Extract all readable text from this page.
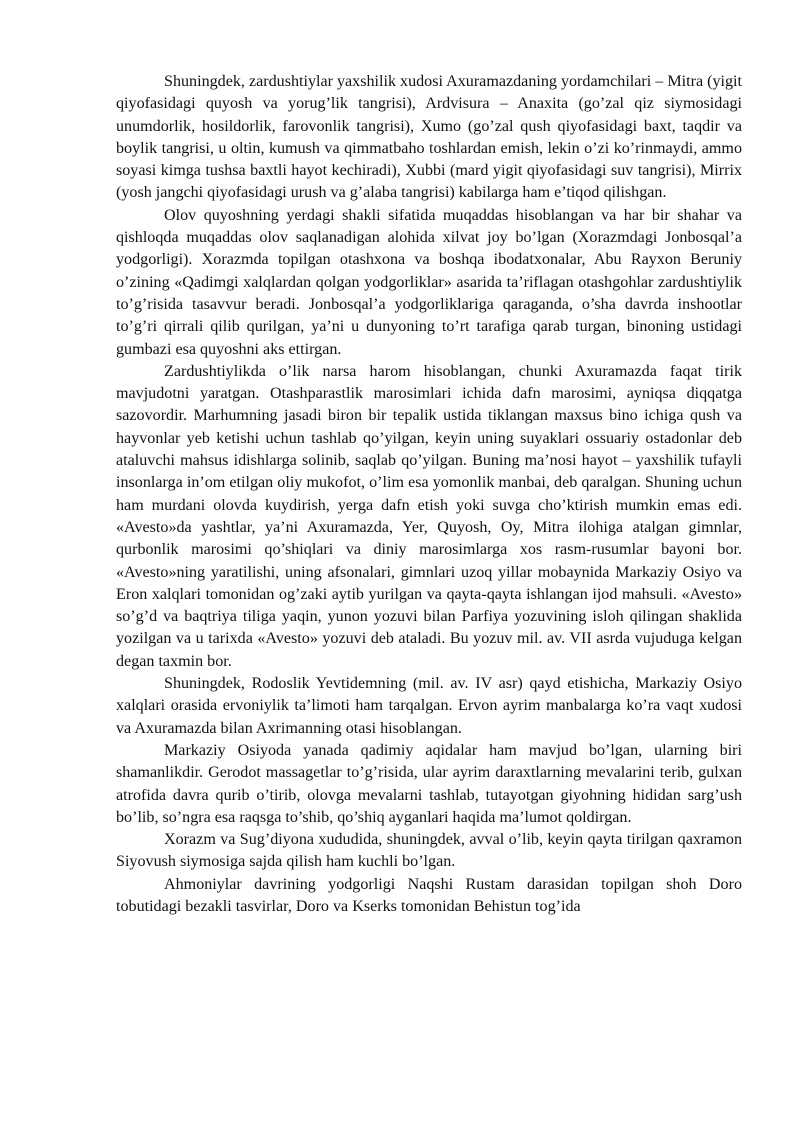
Shuningdek, zardushtiylar yaxshilik xudosi Axuramazdaning yordamchilari – Mitra (yigit qiyofasidagi quyosh va yorug’lik tangrisi), Ardvisura – Anaxita (go’zal qiz siymosidagi unumdorlik, hosildorlik, farovonlik tangrisi), Xumo (go’zal qush qiyofasidagi baxt, taqdir va boylik tangrisi, u oltin, kumush va qimmatbaho toshlardan emish, lekin o’zi ko’rinmaydi, ammo soyasi kimga tushsa baxtli hayot kechiradi), Xubbi (mard yigit qiyofasidagi suv tangrisi), Mirrix (yosh jangchi qiyofasidagi urush va g’alaba tangrisi) kabilarga ham e’tiqod qilishgan.

Olov quyoshning yerdagi shakli sifatida muqaddas hisoblangan va har bir shahar va qishloqda muqaddas olov saqlanadigan alohida xilvat joy bo’lgan (Xorazmdagi Jonbosqal’a yodgorligi). Xorazmda topilgan otashxona va boshqa ibodatxonalar, Abu Rayxon Beruniy o’zining «Qadimgi xalqlardan qolgan yodgorliklar» asarida ta’riflagan otashgohlar zardushtiylik to’g’risida tasavvur beradi. Jonbosqal’a yodgorliklariga qaraganda, o’sha davrda inshootlar to’g’ri qirrali qilib qurilgan, ya’ni u dunyoning to’rt tarafiga qarab turgan, binoning ustidagi gumbazi esa quyoshni aks ettirgan.

Zardushtiylikda o’lik narsa harom hisoblangan, chunki Axuramazda faqat tirik mavjudotni yaratgan. Otashparastlik marosimlari ichida dafn marosimi, ayniqsa diqqatga sazovordir. Marhumning jasadi biron bir tepalik ustida tiklangan maxsus bino ichiga qush va hayvonlar yeb ketishi uchun tashlab qo’yilgan, keyin uning suyaklari ossuariy ostadonlar deb ataluvchi mahsus idishlarga solinib, saqlab qo’yilgan. Buning ma’nosi hayot – yaxshilik tufayli insonlarga in’om etilgan oliy mukofot, o’lim esa yomonlik manbai, deb qaralgan. Shuning uchun ham murdani olovda kuydirish, yerga dafn etish yoki suvga cho’ktirish mumkin emas edi. «Avesto»da yashtlar, ya’ni Axuramazda, Yer, Quyosh, Oy, Mitra ilohiga atalgan gimnlar, qurbonlik marosimi qo’shiqlari va diniy marosimlarga xos rasm-rusumlar bayoni bor. «Avesto»ning yaratilishi, uning afsonalari, gimnlari uzoq yillar mobaynida Markaziy Osiyo va Eron xalqlari tomonidan og’zaki aytib yurilgan va qayta-qayta ishlangan ijod mahsuli. «Avesto» so’g’d va baqtriya tiliga yaqin, yunon yozuvi bilan Parfiya yozuvining isloh qilingan shaklida yozilgan va u tarixda «Avesto» yozuvi deb ataladi. Bu yozuv mil. av. VII asrda vujuduga kelgan degan taxmin bor.

Shuningdek, Rodoslik Yevtidemning (mil. av. IV asr) qayd etishicha, Markaziy Osiyo xalqlari orasida ervoniylik ta’limoti ham tarqalgan. Ervon ayrim manbalarga ko’ra vaqt xudosi va Axuramazda bilan Axrimanning otasi hisoblangan.

Markaziy Osiyoda yanada qadimiy aqidalar ham mavjud bo’lgan, ularning biri shamanlikdir. Gerodot massagetlar to’g’risida, ular ayrim daraxtlarning mevalarini terib, gulxan atrofida davra qurib o’tirib, olovga mevalarni tashlab, tutayotgan giyohning hididan sarg’ush bo’lib, so’ngra esa raqsga to’shib, qo’shiq ayganlari haqida ma’lumot qoldirgan.

Xorazm va Sug’diyona xududida, shuningdek, avval o’lib, keyin qayta tirilgan qaxramon Siyovush siymosiga sajda qilish ham kuchli bo’lgan.

Ahmoniylar davrining yodgorligi Naqshi Rustam darasidan topilgan shoh Doro tobutidagi bezakli tasvirlar, Doro va Kserks tomonidan Behistun tog’ida
